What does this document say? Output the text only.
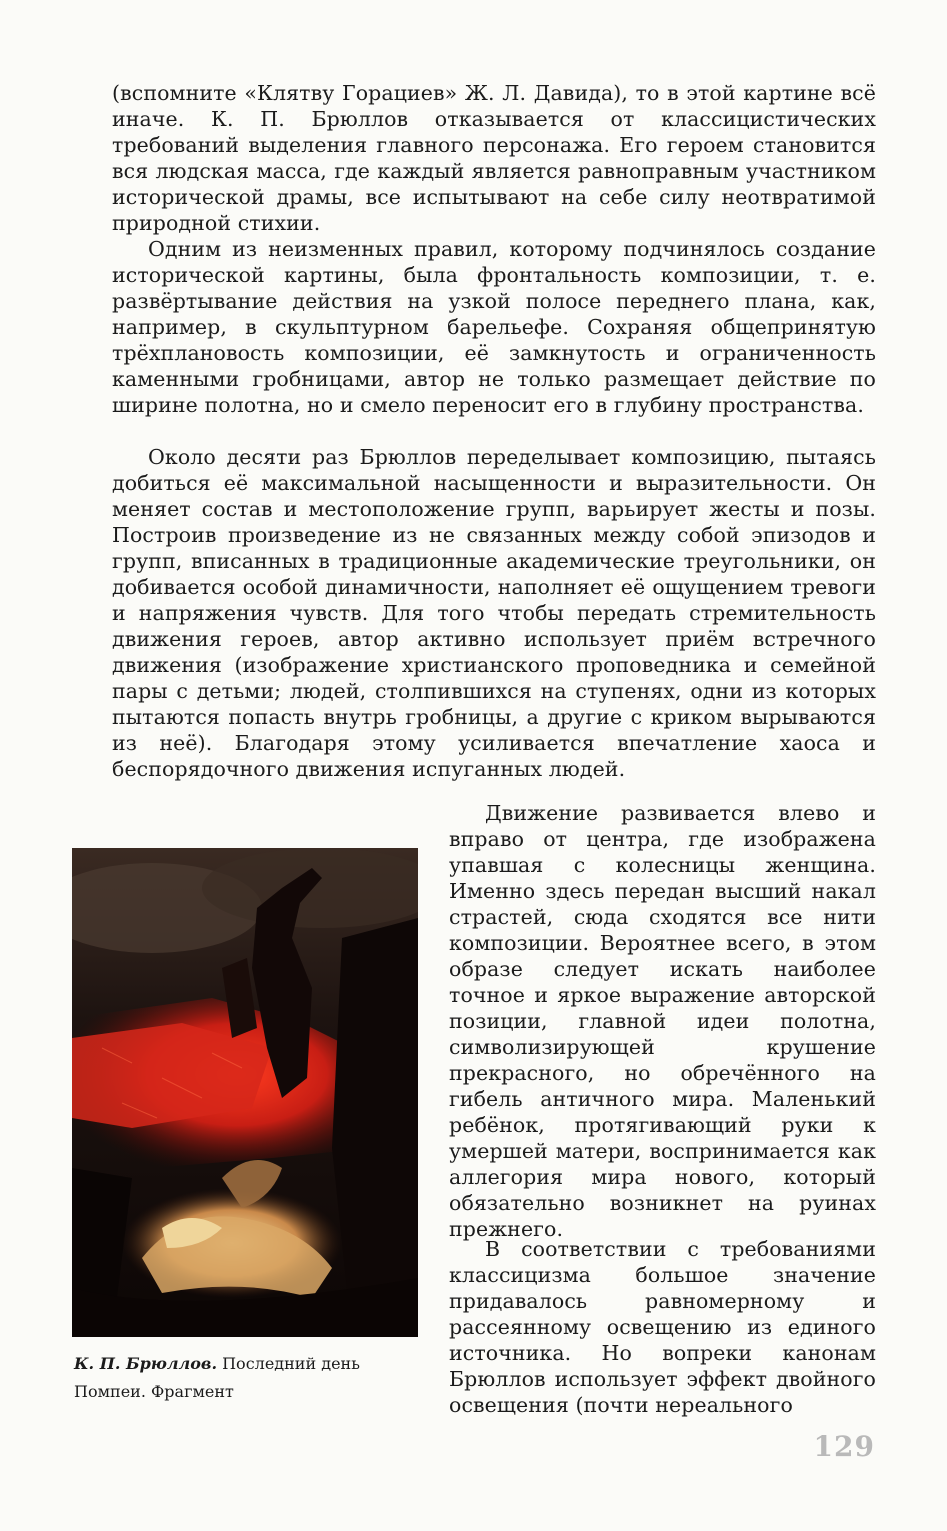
(вспомните «Клятву Горациев» Ж. Л. Давида), то в этой картине всё иначе. К. П. Брюллов отказывается от классицистических требований выделения главного персонажа. Его героем становится вся людская масса, где каждый является равноправным участником исторической драмы, все испытывают на себе силу неотвратимой природной стихии.

Одним из неизменных правил, которому подчинялось создание исторической картины, была фронтальность композиции, т. е. развёртывание действия на узкой полосе переднего плана, как, например, в скульптурном барельефе. Сохраняя общепринятую трёхплановость композиции, её замкнутость и ограниченность каменными гробницами, автор не только размещает действие по ширине полотна, но и смело переносит его в глубину пространства.

Около десяти раз Брюллов переделывает композицию, пытаясь добиться её максимальной насыщенности и выразительности. Он меняет состав и местоположение групп, варьирует жесты и позы. Построив произведение из не связанных между собой эпизодов и групп, вписанных в традиционные академические треугольники, он добивается особой динамичности, наполняет её ощущением тревоги и напряжения чувств. Для того чтобы передать стремительность движения героев, автор активно использует приём встречного движения (изображение христианского проповедника и семейной пары с детьми; людей, столпившихся на ступенях, одни из которых пытаются попасть внутрь гробницы, а другие с криком вырываются из неё). Благодаря этому усиливается впечатление хаоса и беспорядочного движения испуганных людей.

К. П. Брюллов. Последний день Помпеи. Фрагмент

Движение развивается влево и вправо от центра, где изображена упавшая с колесницы женщина. Именно здесь передан высший накал страстей, сюда сходятся все нити композиции. Вероятнее всего, в этом образе следует искать наиболее точное и яркое выражение авторской позиции, главной идеи полотна, символизирующей крушение прекрасного, но обречённого на гибель античного мира. Маленький ребёнок, протягивающий руки к умершей матери, воспринимается как аллегория мира нового, который обязательно возникнет на руинах прежнего.

В соответствии с требованиями классицизма большое значение придавалось равномерному и рассеянному освещению из единого источника. Но вопреки канонам Брюллов использует эффект двойного освещения (почти нереального

129
